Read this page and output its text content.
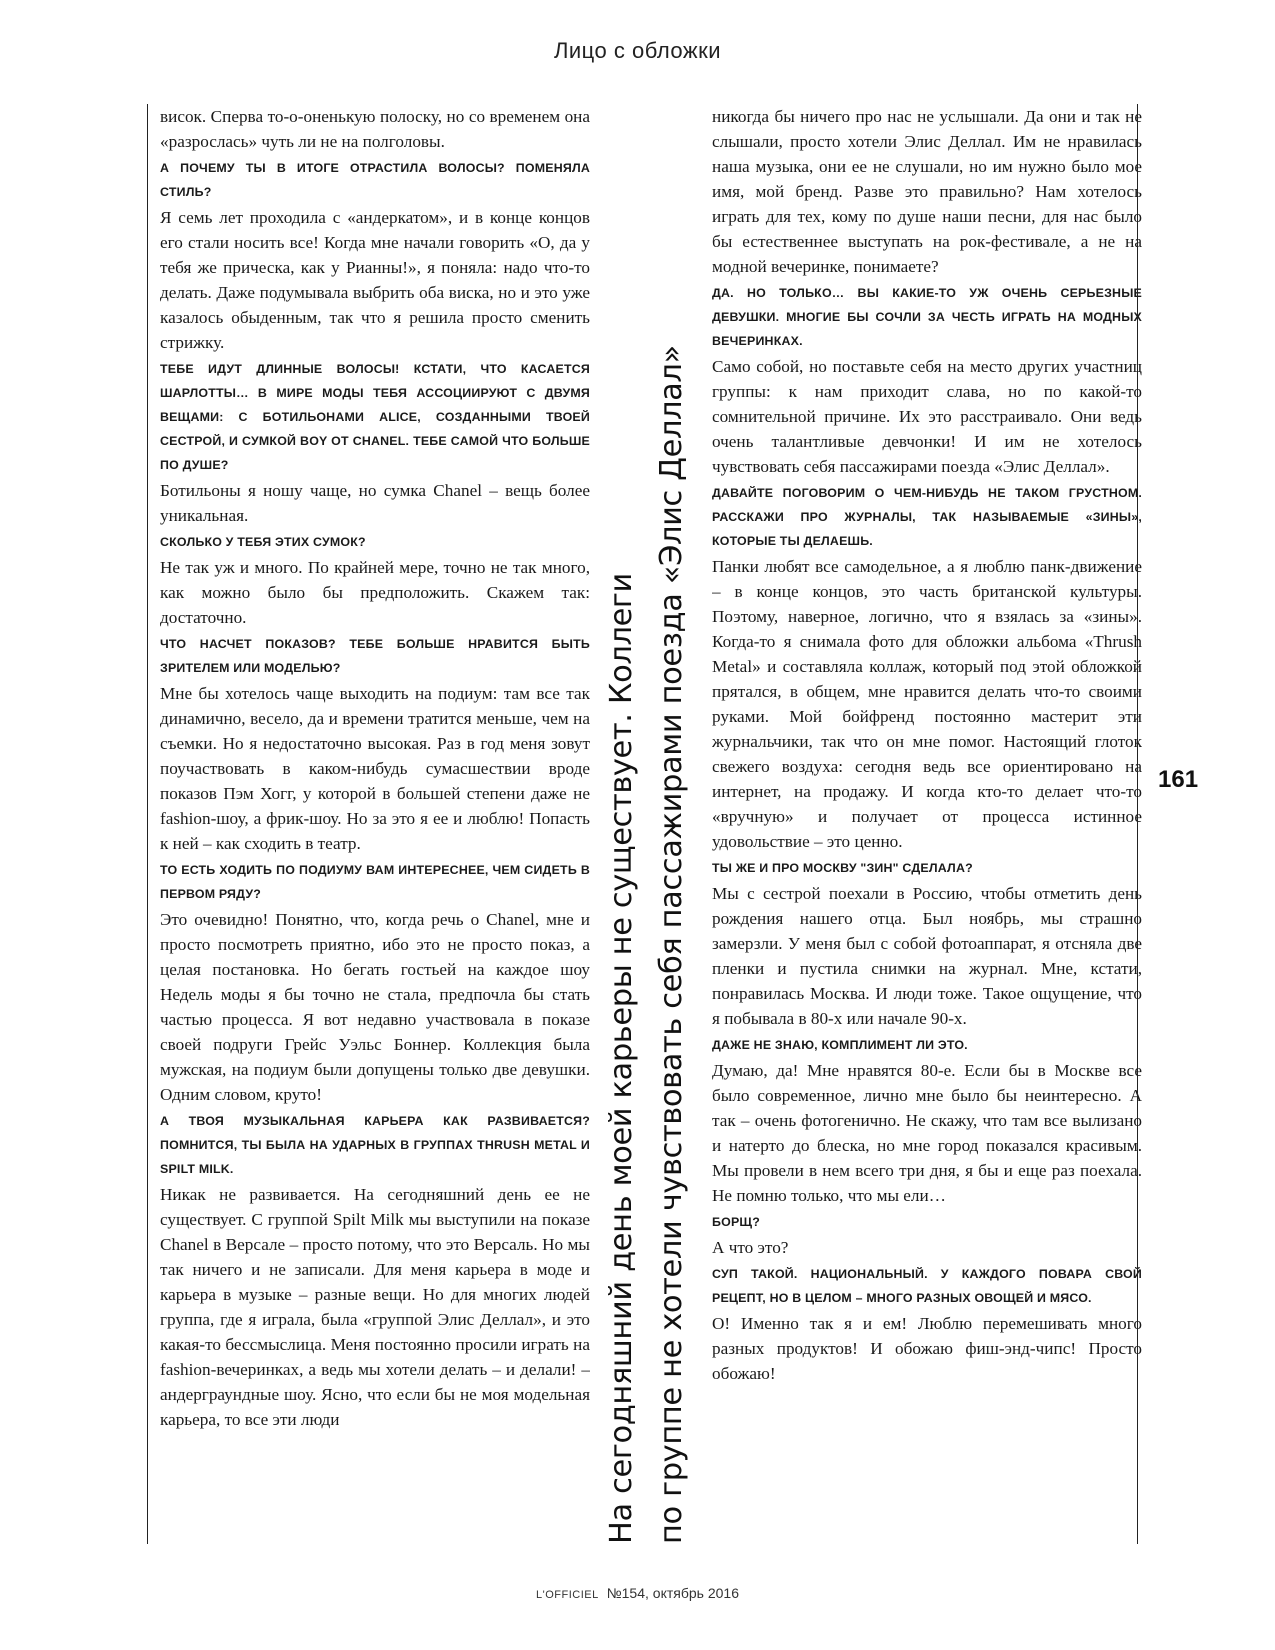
Лицо с обложки

висок. Сперва то-о-оненькую полоску, но со временем она «разрослась» чуть ли не на полголовы.

А ПОЧЕМУ ТЫ В ИТОГЕ ОТРАСТИЛА ВОЛОСЫ? ПОМЕНЯЛА СТИЛЬ?

Я семь лет проходила с «андеркатом», и в конце концов его стали носить все! Когда мне начали говорить «О, да у тебя же прическа, как у Рианны!», я поняла: надо что-то делать. Даже подумывала выбрить оба виска, но и это уже казалось обыденным, так что я решила просто сменить стрижку.

ТЕБЕ ИДУТ ДЛИННЫЕ ВОЛОСЫ! КСТАТИ, ЧТО КАСАЕТСЯ ШАРЛОТТЫ… В МИРЕ МОДЫ ТЕБЯ АССОЦИИРУЮТ С ДВУМЯ ВЕЩАМИ: С БОТИЛЬОНАМИ ALICE, СОЗДАННЫМИ ТВОЕЙ СЕСТРОЙ, И СУМКОЙ BOY ОТ CHANEL. ТЕБЕ САМОЙ ЧТО БОЛЬШЕ ПО ДУШЕ?

Ботильоны я ношу чаще, но сумка Chanel – вещь более уникальная.

СКОЛЬКО У ТЕБЯ ЭТИХ СУМОК?

Не так уж и много. По крайней мере, точно не так много, как можно было бы предположить. Скажем так: достаточно.

ЧТО НАСЧЕТ ПОКАЗОВ? ТЕБЕ БОЛЬШЕ НРАВИТСЯ БЫТЬ ЗРИТЕЛЕМ ИЛИ МОДЕЛЬЮ?

Мне бы хотелось чаще выходить на подиум: там все так динамично, весело, да и времени тратится меньше, чем на съемки. Но я недостаточно высокая. Раз в год меня зовут поучаствовать в каком-нибудь сумасшествии вроде показов Пэм Хогг, у которой в большей степени даже не fashion-шоу, а фрик-шоу. Но за это я ее и люблю! Попасть к ней – как сходить в театр.

ТО ЕСТЬ ХОДИТЬ ПО ПОДИУМУ ВАМ ИНТЕРЕСНЕЕ, ЧЕМ СИДЕТЬ В ПЕРВОМ РЯДУ?

Это очевидно! Понятно, что, когда речь о Chanel, мне и просто посмотреть приятно, ибо это не просто показ, а целая постановка. Но бегать гостьей на каждое шоу Недель моды я бы точно не стала, предпочла бы стать частью процесса. Я вот недавно участвовала в показе своей подруги Грейс Уэльс Боннер. Коллекция была мужская, на подиум были допущены только две девушки. Одним словом, круто!

А ТВОЯ МУЗЫКАЛЬНАЯ КАРЬЕРА КАК РАЗВИВАЕТСЯ? ПОМНИТСЯ, ТЫ БЫЛА НА УДАРНЫХ В ГРУППАХ THRUSH METAL И SPILT MILK.

Никак не развивается. На сегодняшний день ее не существует. С группой Spilt Milk мы выступили на показе Chanel в Версале – просто потому, что это Версаль. Но мы так ничего и не записали. Для меня карьера в моде и карьера в музыке – разные вещи. Но для многих людей группа, где я играла, была «группой Элис Деллал», и это какая-то бессмыслица. Меня постоянно просили играть на fashion-вечеринках, а ведь мы хотели делать – и делали! – андерграундные шоу. Ясно, что если бы не моя модельная карьера, то все эти люди	На сегодняшний день моей карьеры не существует. Коллеги по группе не хотели чувствовать себя пассажирами поезда «Элис Деллал»

никогда бы ничего про нас не услышали. Да они и так не слышали, просто хотели Элис Деллал. Им не нравилась наша музыка, они ее не слушали, но им нужно было мое имя, мой бренд. Разве это правильно? Нам хотелось играть для тех, кому по душе наши песни, для нас было бы естественнее выступать на рок-фестивале, а не на модной вечеринке, понимаете?

ДА. НО ТОЛЬКО… ВЫ КАКИЕ-ТО УЖ ОЧЕНЬ СЕРЬЕЗНЫЕ ДЕВУШКИ. МНОГИЕ БЫ СОЧЛИ ЗА ЧЕСТЬ ИГРАТЬ НА МОДНЫХ ВЕЧЕРИНКАХ.

Само собой, но поставьте себя на место других участниц группы: к нам приходит слава, но по какой-то сомнительной причине. Их это расстраивало. Они ведь очень талантливые девчонки! И им не хотелось чувствовать себя пассажирами поезда «Элис Деллал».

ДАВАЙТЕ ПОГОВОРИМ О ЧЕМ-НИБУДЬ НЕ ТАКОМ ГРУСТНОМ. РАССКАЖИ ПРО ЖУРНАЛЫ, ТАК НАЗЫВАЕМЫЕ «ЗИНЫ», КОТОРЫЕ ТЫ ДЕЛАЕШЬ.

Панки любят все самодельное, а я люблю панк-движение – в конце концов, это часть британской культуры. Поэтому, наверное, логично, что я взялась за «зины». Когда-то я снимала фото для обложки альбома «Thrush Metal» и составляла коллаж, который под этой обложкой прятался, в общем, мне нравится делать что-то своими руками. Мой бойфренд постоянно мастерит эти журнальчики, так что он мне помог. Настоящий глоток свежего воздуха: сегодня ведь все ориентировано на интернет, на продажу. И когда кто-то делает что-то «вручную» и получает от процесса истинное удовольствие – это ценно.

ТЫ ЖЕ И ПРО МОСКВУ "ЗИН" СДЕЛАЛА?

Мы с сестрой поехали в Россию, чтобы отметить день рождения нашего отца. Был ноябрь, мы страшно замерзли. У меня был с собой фотоаппарат, я отсняла две пленки и пустила снимки на журнал. Мне, кстати, понравилась Москва. И люди тоже. Такое ощущение, что я побывала в 80-х или начале 90-х.

ДАЖЕ НЕ ЗНАЮ, КОМПЛИМЕНТ ЛИ ЭТО.

Думаю, да! Мне нравятся 80-е. Если бы в Москве все было современное, лично мне было бы неинтересно. А так – очень фотогенично. Не скажу, что там все вылизано и натерто до блеска, но мне город показался красивым. Мы провели в нем всего три дня, я бы и еще раз поехала. Не помню только, что мы ели…

БОРЩ?

А что это?

СУП ТАКОЙ. НАЦИОНАЛЬНЫЙ. У КАЖДОГО ПОВАРА СВОЙ РЕЦЕПТ, НО В ЦЕЛОМ – МНОГО РАЗНЫХ ОВОЩЕЙ И МЯСО.

О! Именно так я и ем! Люблю перемешивать много разных продуктов! И обожаю фиш-энд-чипс! Просто обожаю!

161
L'OFFICIEL №154, октябрь 2016
